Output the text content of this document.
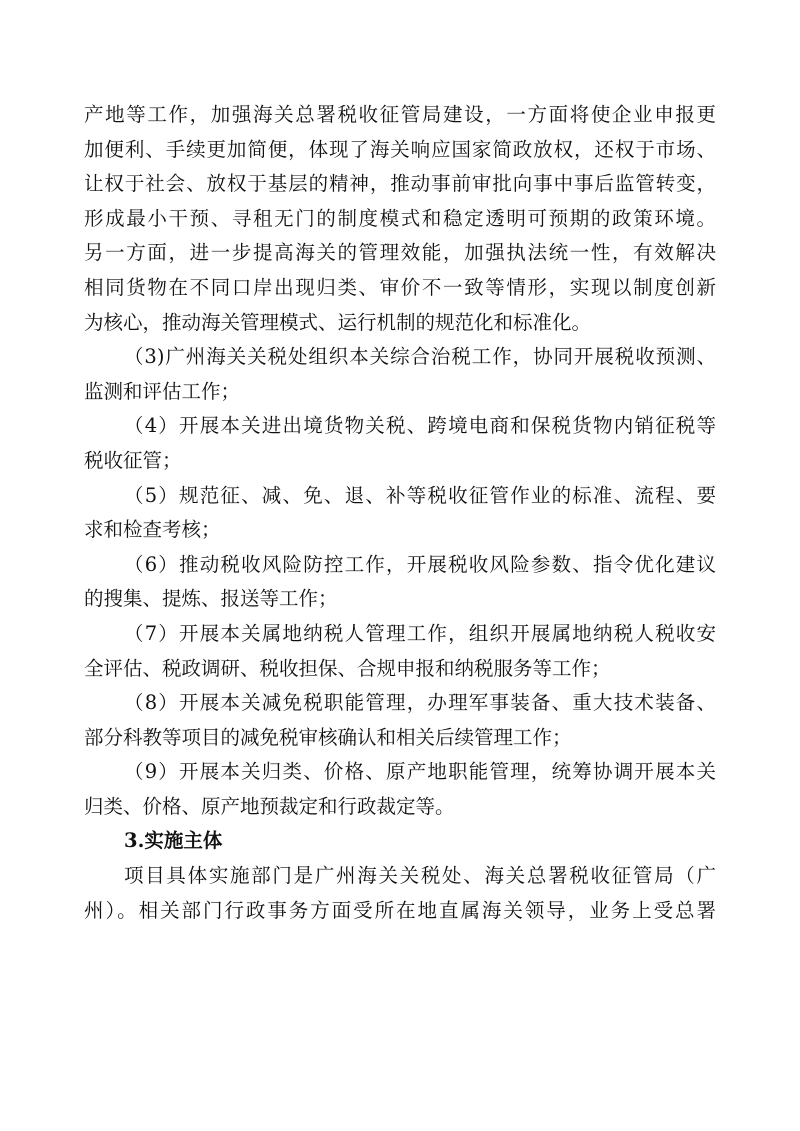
产地等工作，加强海关总署税收征管局建设，一方面将使企业申报更
加便利、手续更加简便，体现了海关响应国家简政放权，还权于市场、
让权于社会、放权于基层的精神，推动事前审批向事中事后监管转变，
形成最小干预、寻租无门的制度模式和稳定透明可预期的政策环境。
另一方面，进一步提高海关的管理效能，加强执法统一性，有效解决
相同货物在不同口岸出现归类、审价不一致等情形，实现以制度创新
为核心，推动海关管理模式、运行机制的规范化和标准化。
（3)广州海关关税处组织本关综合治税工作，协同开展税收预测、
监测和评估工作；
（4）开展本关进出境货物关税、跨境电商和保税货物内销征税等
税收征管；
（5）规范征、减、免、退、补等税收征管作业的标准、流程、要
求和检查考核；
（6）推动税收风险防控工作，开展税收风险参数、指令优化建议
的搜集、提炼、报送等工作；
（7）开展本关属地纳税人管理工作，组织开展属地纳税人税收安
全评估、税政调研、税收担保、合规申报和纳税服务等工作；
（8）开展本关减免税职能管理，办理军事装备、重大技术装备、
部分科教等项目的减免税审核确认和相关后续管理工作；
（9）开展本关归类、价格、原产地职能管理，统筹协调开展本关
归类、价格、原产地预裁定和行政裁定等。
3.实施主体
项目具体实施部门是广州海关关税处、海关总署税收征管局（广
州）。相关部门行政事务方面受所在地直属海关领导，业务上受总署
